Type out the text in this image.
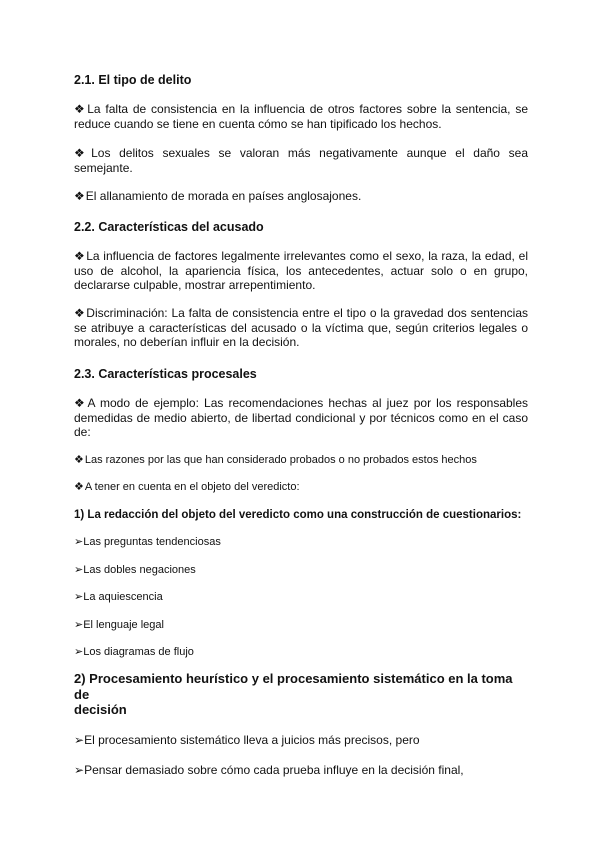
2.1. El tipo de delito

❖La falta de consistencia en la influencia de otros factores sobre la sentencia, se reduce cuando se tiene en cuenta cómo se han tipificado los hechos.

❖Los delitos sexuales se valoran más negativamente aunque el daño sea semejante.

❖El allanamiento de morada en países anglosajones.

2.2. Características del acusado

❖La influencia de factores legalmente irrelevantes como el sexo, la raza, la edad, el uso de alcohol, la apariencia física, los antecedentes, actuar solo o en grupo, declararse culpable, mostrar arrepentimiento.

❖Discriminación: La falta de consistencia entre el tipo o la gravedad dos sentencias se atribuye a características del acusado o la víctima que, según criterios legales o morales, no deberían influir en la decisión.

2.3. Características procesales

❖A modo de ejemplo: Las recomendaciones hechas al juez por los responsables demedidas de medio abierto, de libertad condicional y por técnicos como en el caso de:

❖Las razones por las que han considerado probados o no probados estos hechos

❖A tener en cuenta en el objeto del veredicto:

1) La redacción del objeto del veredicto como una construcción de cuestionarios:

➢Las preguntas tendenciosas

➢Las dobles negaciones

➢La aquiescencia

➢El lenguaje legal

➢Los diagramas de flujo

2) Procesamiento heurístico y el procesamiento sistemático en la toma de

decisión

➢El procesamiento sistemático lleva a juicios más precisos, pero

➢Pensar demasiado sobre cómo cada prueba influye en la decisión final,
